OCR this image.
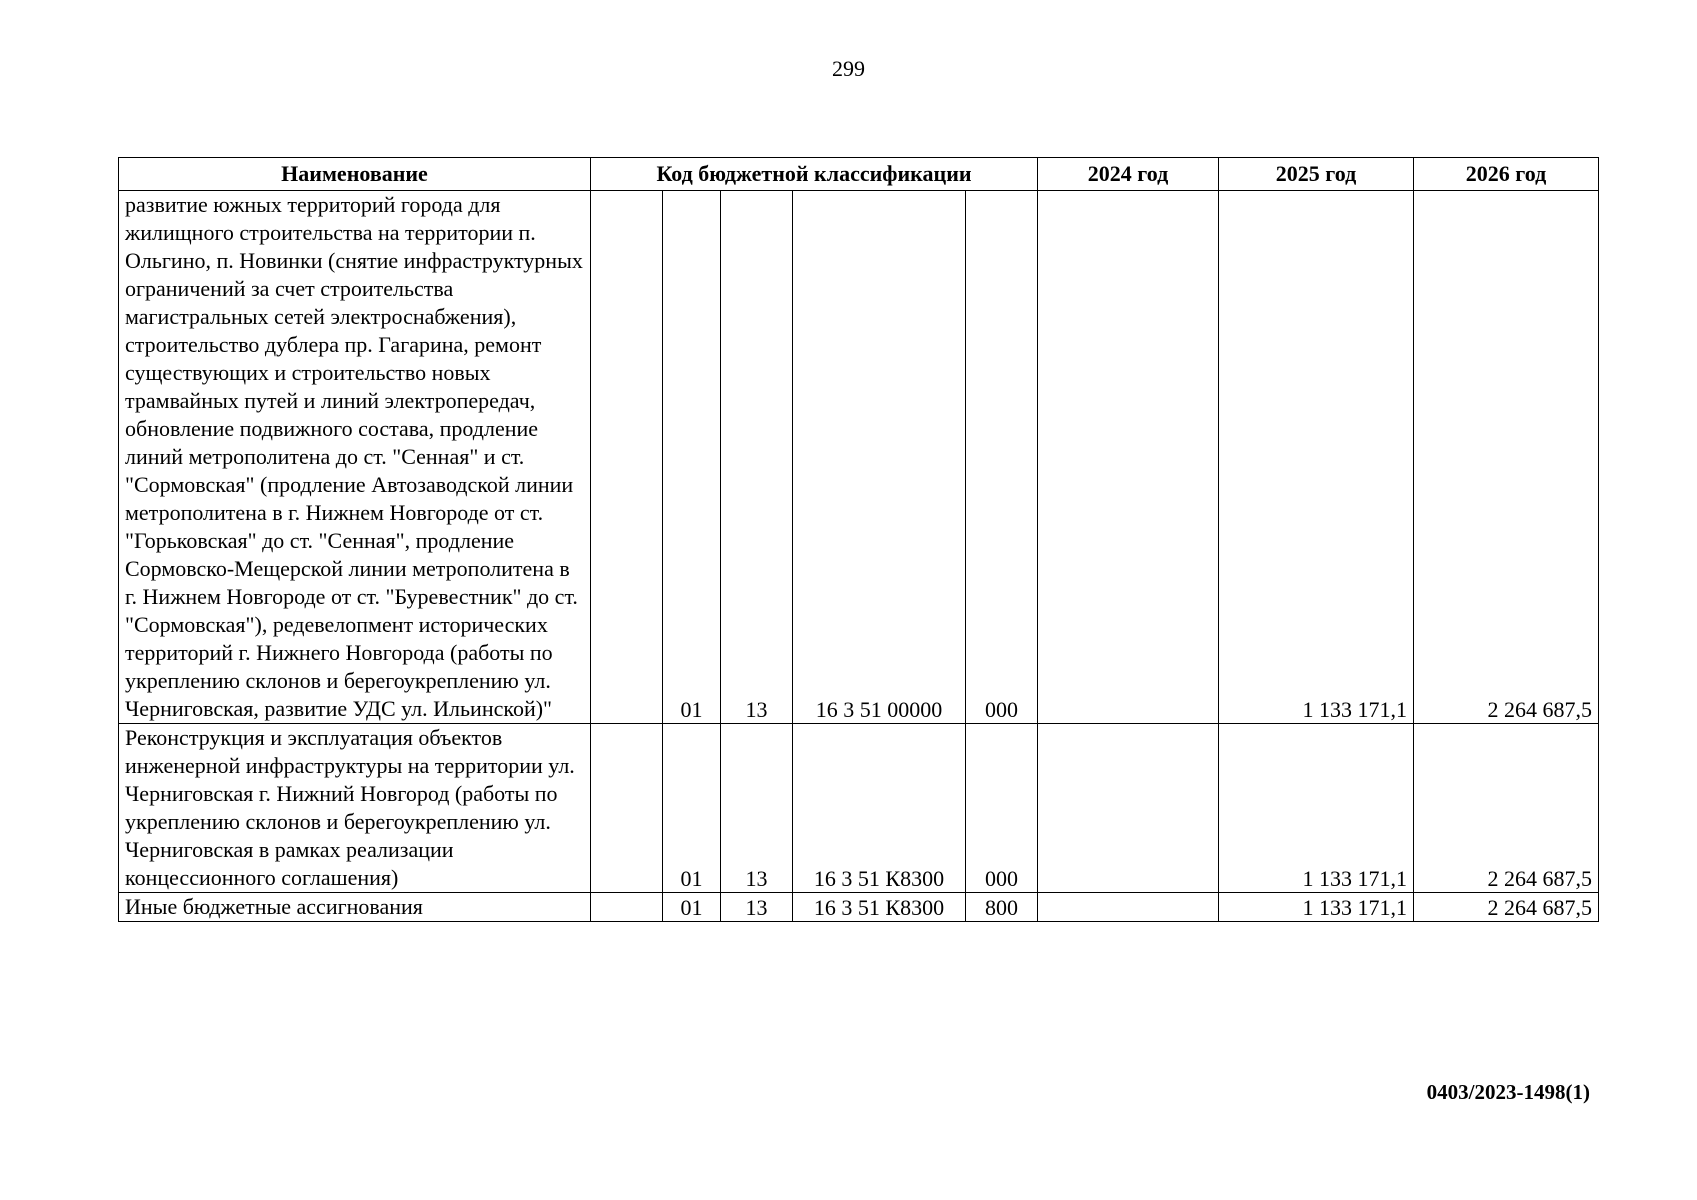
299
Наименование	Код бюджетной классификации					2024 год	2025 год	2026 год
развитие южных территорий города для жилищного строительства на территории п. Ольгино, п. Новинки (снятие инфраструктурных ограничений за счет строительства магистральных сетей электроснабжения), строительство дублера пр. Гагарина, ремонт существующих и строительство новых трамвайных путей и линий электропередач, обновление подвижного состава, продление линий метрополитена до ст. "Сенная" и ст. "Сормовская" (продление Автозаводской линии метрополитена в г. Нижнем Новгороде от ст. "Горьковская" до ст. "Сенная", продление Сормовско-Мещерской линии метрополитена в г. Нижнем Новгороде от ст. "Буревестник" до ст. "Сормовская"), редевелопмент исторических территорий г. Нижнего Новгорода (работы по укреплению склонов и берегоукреплению ул. Черниговская, развитие УДС ул. Ильинской)"		01	13	16 3 51 00000	000		1 133 171,1	2 264 687,5
Реконструкция и эксплуатация объектов инженерной инфраструктуры на территории ул. Черниговская г. Нижний Новгород (работы по укреплению склонов и берегоукреплению ул. Черниговская в рамках реализации концессионного соглашения)		01	13	16 3 51 К8300	000		1 133 171,1	2 264 687,5
Иные бюджетные ассигнования		01	13	16 3 51 К8300	800		1 133 171,1	2 264 687,5
0403/2023-1498(1)
